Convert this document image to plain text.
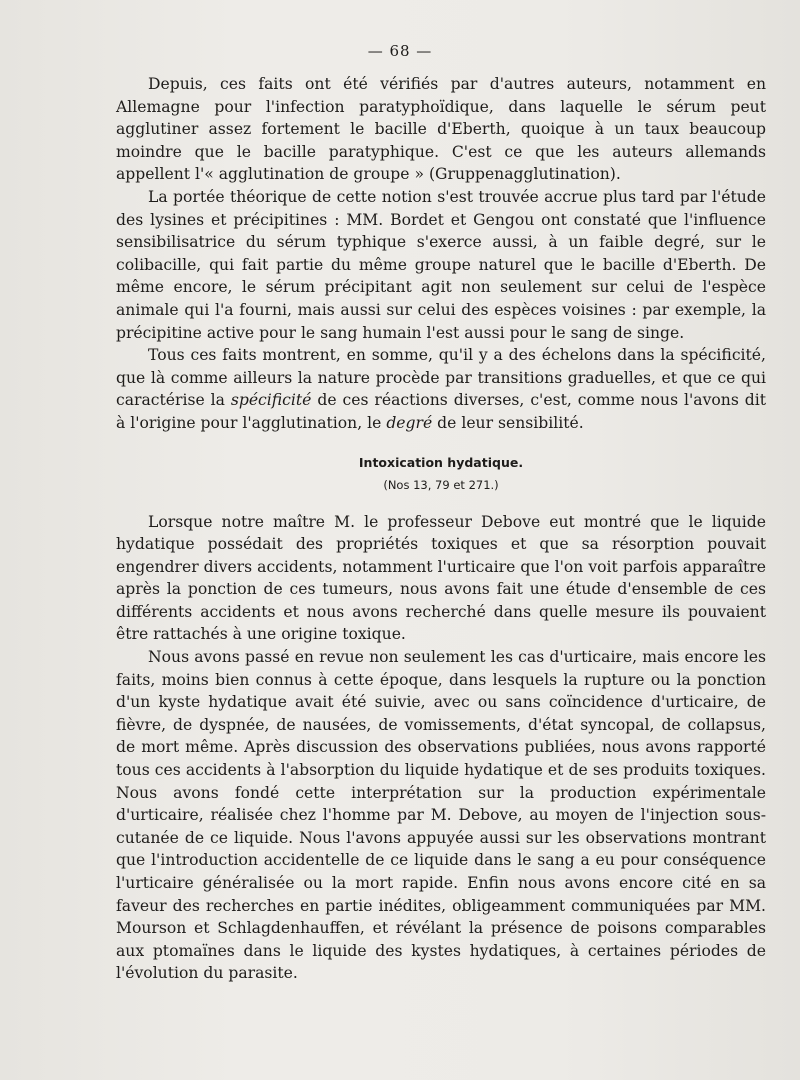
— 68 —

Depuis, ces faits ont été vérifiés par d'autres auteurs, notamment en Allemagne pour l'infection paratyphoïdique, dans laquelle le sérum peut agglutiner assez fortement le bacille d'Eberth, quoique à un taux beaucoup moindre que le bacille paratyphique. C'est ce que les auteurs allemands appellent l'« agglutination de groupe » (Gruppenagglutination).

La portée théorique de cette notion s'est trouvée accrue plus tard par l'étude des lysines et précipitines : MM. Bordet et Gengou ont constaté que l'influence sensibilisatrice du sérum typhique s'exerce aussi, à un faible degré, sur le colibacille, qui fait partie du même groupe naturel que le bacille d'Eberth. De même encore, le sérum précipitant agit non seulement sur celui de l'espèce animale qui l'a fourni, mais aussi sur celui des espèces voisines : par exemple, la précipitine active pour le sang humain l'est aussi pour le sang de singe.

Tous ces faits montrent, en somme, qu'il y a des échelons dans la spécificité, que là comme ailleurs la nature procède par transitions graduelles, et que ce qui caractérise la spécificité de ces réactions diverses, c'est, comme nous l'avons dit à l'origine pour l'agglutination, le degré de leur sensibilité.

Intoxication hydatique.
(Nos 13, 79 et 271.)

Lorsque notre maître M. le professeur Debove eut montré que le liquide hydatique possédait des propriétés toxiques et que sa résorption pouvait engendrer divers accidents, notamment l'urticaire que l'on voit parfois apparaître après la ponction de ces tumeurs, nous avons fait une étude d'ensemble de ces différents accidents et nous avons recherché dans quelle mesure ils pouvaient être rattachés à une origine toxique.

Nous avons passé en revue non seulement les cas d'urticaire, mais encore les faits, moins bien connus à cette époque, dans lesquels la rupture ou la ponction d'un kyste hydatique avait été suivie, avec ou sans coïncidence d'urticaire, de fièvre, de dyspnée, de nausées, de vomissements, d'état syncopal, de collapsus, de mort même. Après discussion des observations publiées, nous avons rapporté tous ces accidents à l'absorption du liquide hydatique et de ses produits toxiques. Nous avons fondé cette interprétation sur la production expérimentale d'urticaire, réalisée chez l'homme par M. Debove, au moyen de l'injection sous-cutanée de ce liquide. Nous l'avons appuyée aussi sur les observations montrant que l'introduction accidentelle de ce liquide dans le sang a eu pour conséquence l'urticaire généralisée ou la mort rapide. Enfin nous avons encore cité en sa faveur des recherches en partie inédites, obligeamment communiquées par MM. Mourson et Schlagdenhauffen, et révélant la présence de poisons comparables aux ptomaïnes dans le liquide des kystes hydatiques, à certaines périodes de l'évolution du parasite.
